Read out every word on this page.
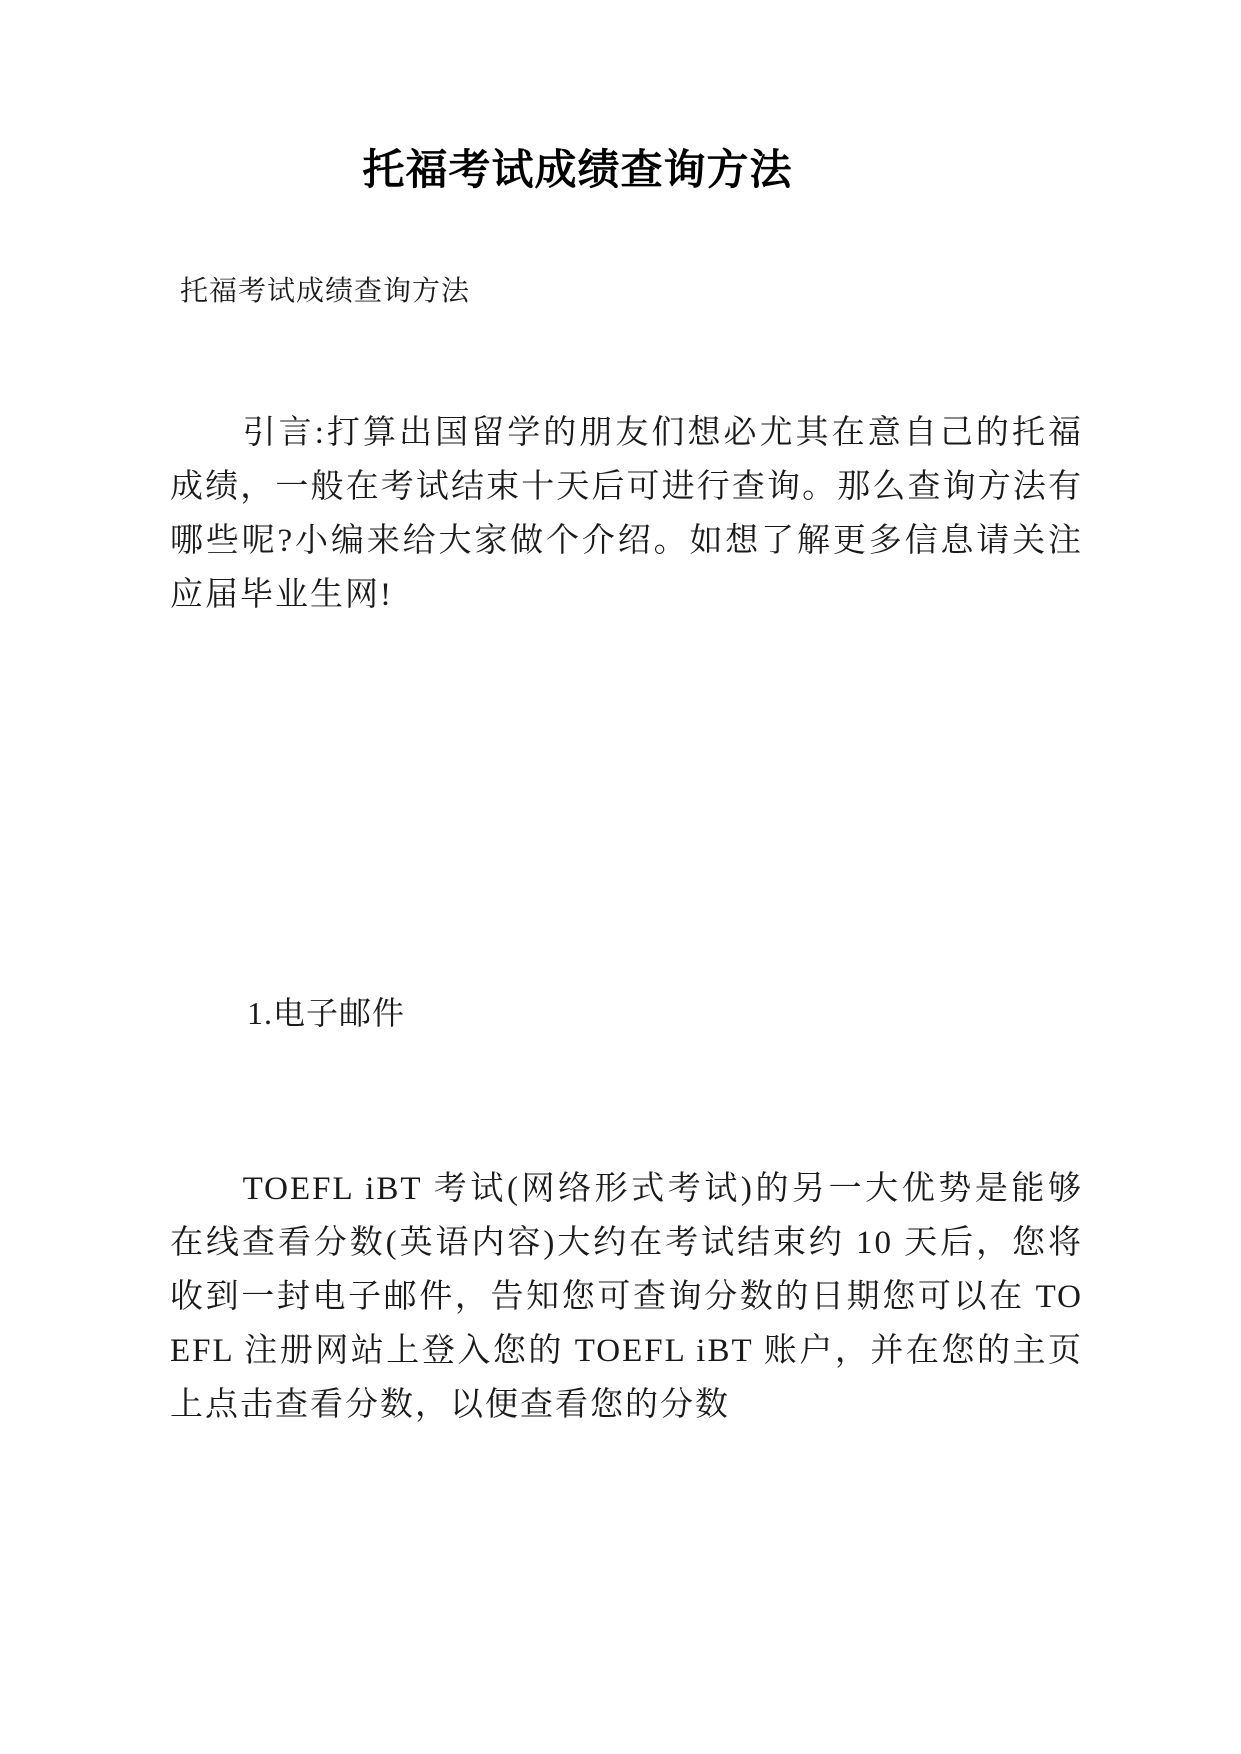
托福考试成绩查询方法

托福考试成绩查询方法

引言:打算出国留学的朋友们想必尤其在意自己的托福成绩，一般在考试结束十天后可进行查询。那么查询方法有哪些呢?小编来给大家做个介绍。如想了解更多信息请关注应届毕业生网!

1.电子邮件

TOEFL iBT 考试(网络形式考试)的另一大优势是能够在线查看分数(英语内容)大约在考试结束约 10 天后，您将收到一封电子邮件，告知您可查询分数的日期您可以在 TOEFL 注册网站上登入您的 TOEFL iBT 账户，并在您的主页上点击查看分数，以便查看您的分数
